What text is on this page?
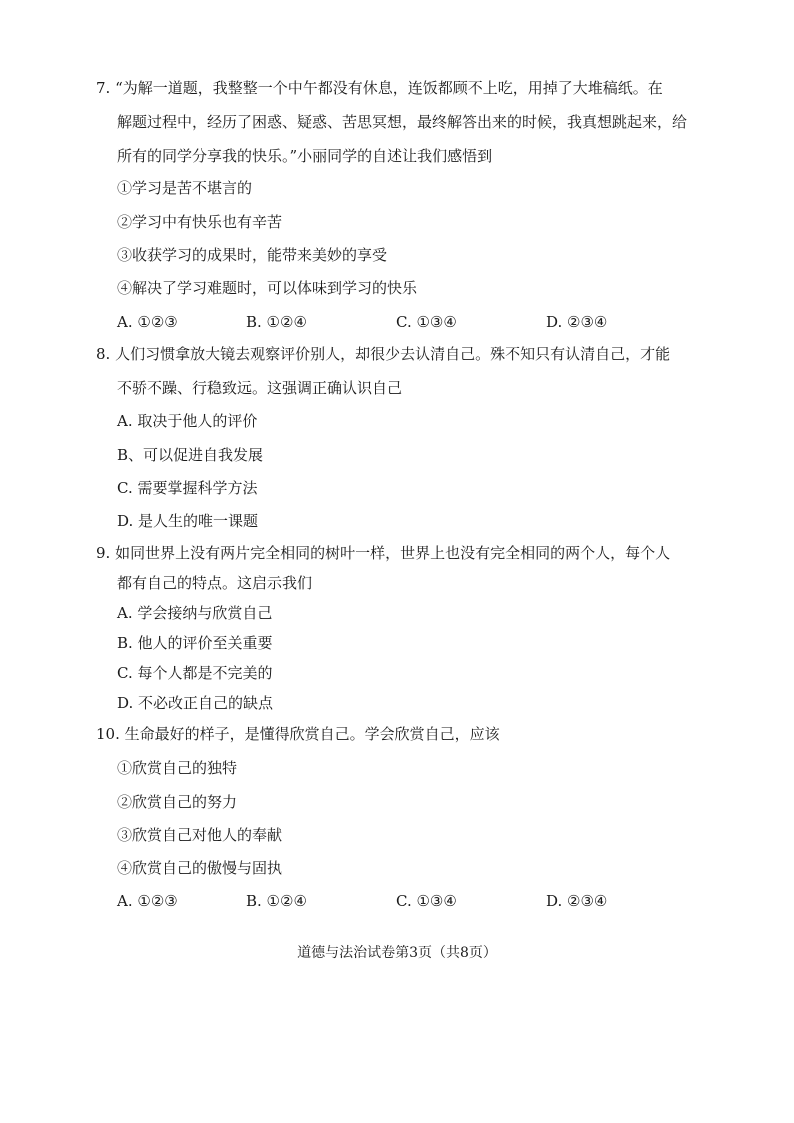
7. “为解一道题，我整整一个中午都没有休息，连饭都顾不上吃，用掉了大堆稿纸。在
解题过程中，经历了困惑、疑惑、苦思冥想，最终解答出来的时候，我真想跳起来，给
所有的同学分享我的快乐。”小丽同学的自述让我们感悟到
①学习是苦不堪言的
②学习中有快乐也有辛苦
③收获学习的成果时，能带来美妙的享受
④解决了学习难题时，可以体味到学习的快乐
A. ①②③	B. ①②④	C. ①③④	D. ②③④
8. 人们习惯拿放大镜去观察评价别人，却很少去认清自己。殊不知只有认清自己，才能
不骄不躁、行稳致远。这强调正确认识自己
A. 取决于他人的评价
B、可以促进自我发展
C. 需要掌握科学方法
D. 是人生的唯一课题
9. 如同世界上没有两片完全相同的树叶一样，世界上也没有完全相同的两个人，每个人
都有自己的特点。这启示我们
A. 学会接纳与欣赏自己
B. 他人的评价至关重要
C. 每个人都是不完美的
D. 不必改正自己的缺点
10. 生命最好的样子，是懂得欣赏自己。学会欣赏自己，应该
①欣赏自己的独特
②欣赏自己的努力
③欣赏自己对他人的奉献
④欣赏自己的傲慢与固执
A. ①②③	B. ①②④	C. ①③④	D. ②③④
道德与法治试卷第3页（共8页）
